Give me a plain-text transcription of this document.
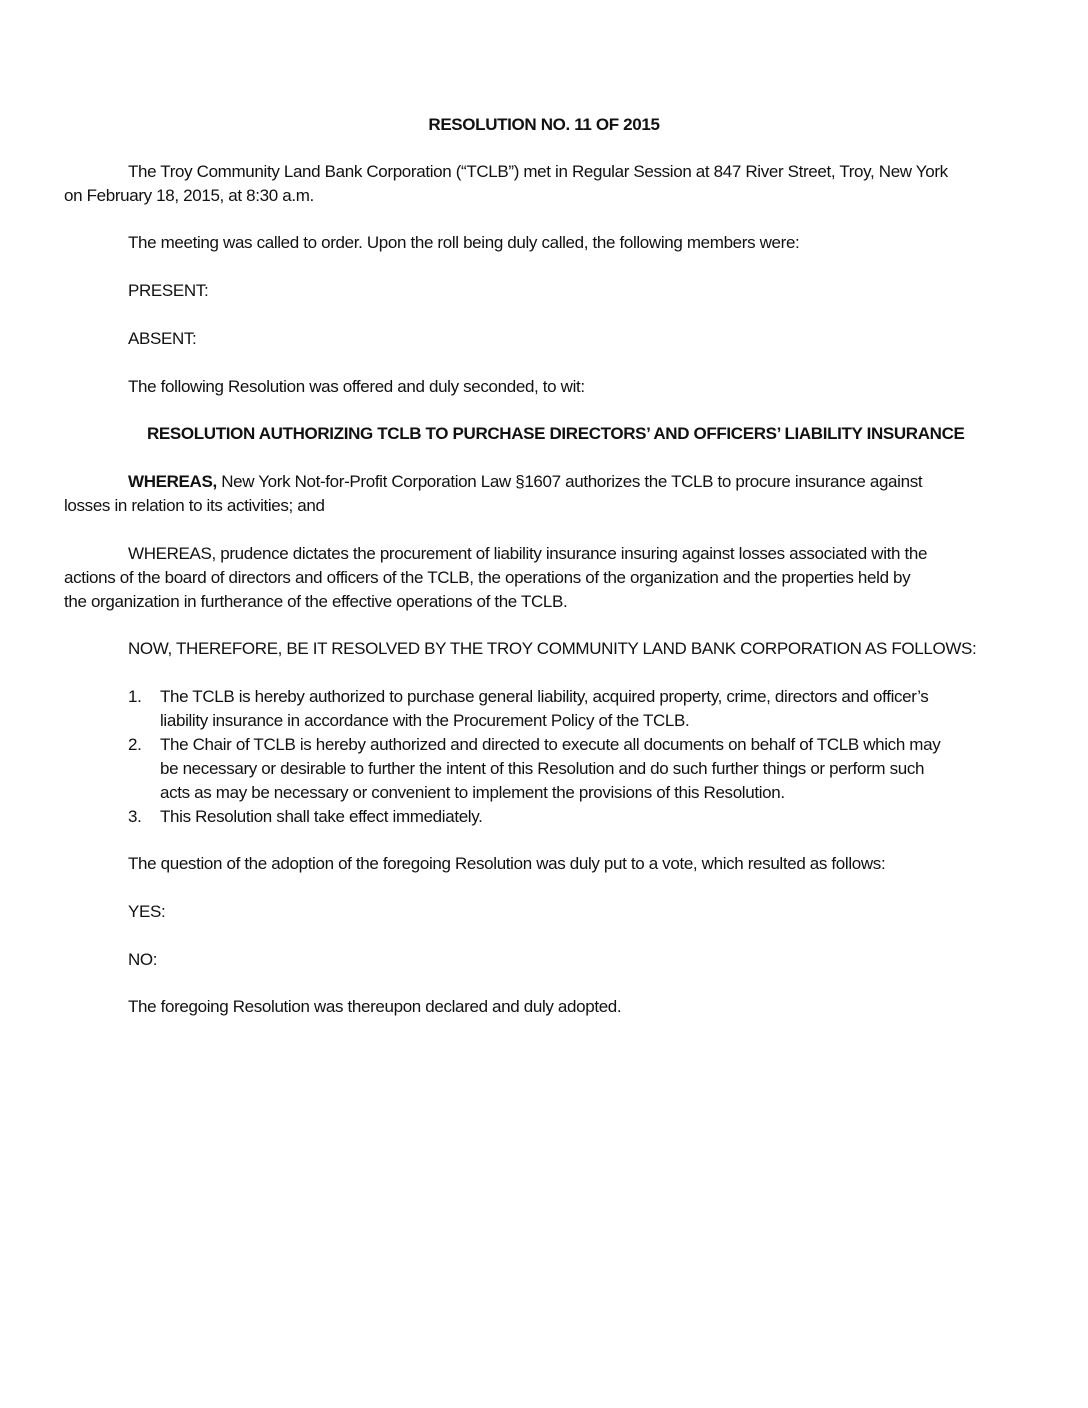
RESOLUTION NO. 11 OF 2015
The Troy Community Land Bank Corporation (“TCLB”) met in Regular Session at 847 River Street, Troy, New York
on February 18, 2015, at 8:30 a.m.
The meeting was called to order. Upon the roll being duly called, the following members were:
PRESENT:
ABSENT:
The following Resolution was offered and duly seconded, to wit:
RESOLUTION AUTHORIZING TCLB TO PURCHASE DIRECTORS’ AND OFFICERS’ LIABILITY INSURANCE
WHEREAS, New York Not-for-Profit Corporation Law §1607 authorizes the TCLB to procure insurance against
losses in relation to its activities; and
WHEREAS, prudence dictates the procurement of liability insurance insuring against losses associated with the
actions of the board of directors and officers of the TCLB, the operations of the organization and the properties held by
the organization in furtherance of the effective operations of the TCLB.
NOW, THEREFORE, BE IT RESOLVED BY THE TROY COMMUNITY LAND BANK CORPORATION AS FOLLOWS:
1. The TCLB is hereby authorized to purchase general liability, acquired property, crime, directors and officer’s
liability insurance in accordance with the Procurement Policy of the TCLB.
2. The Chair of TCLB is hereby authorized and directed to execute all documents on behalf of TCLB which may
be necessary or desirable to further the intent of this Resolution and do such further things or perform such
acts as may be necessary or convenient to implement the provisions of this Resolution.
3. This Resolution shall take effect immediately.
The question of the adoption of the foregoing Resolution was duly put to a vote, which resulted as follows:
YES:
NO:
The foregoing Resolution was thereupon declared and duly adopted.
